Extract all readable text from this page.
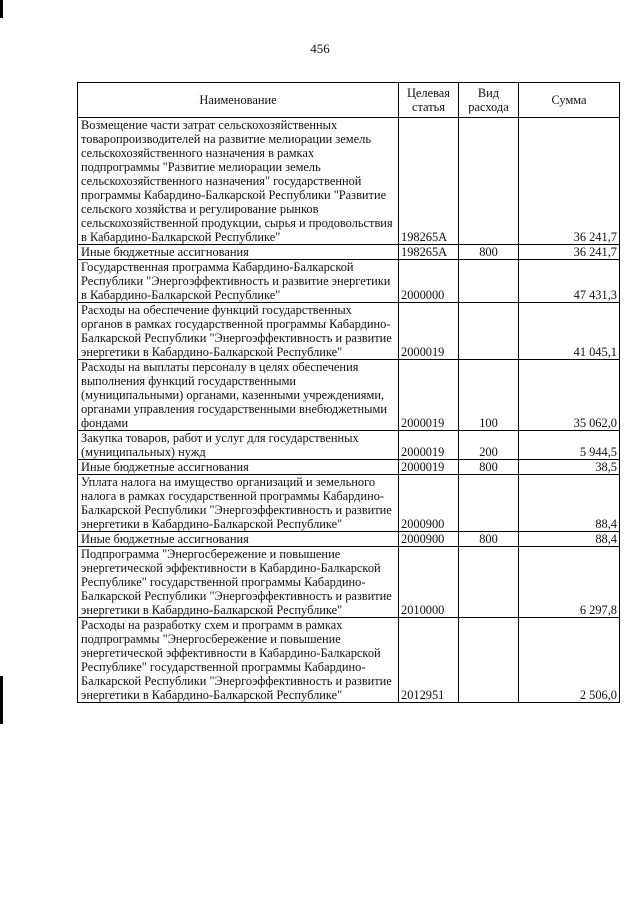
456
Наименование	Целевая статья	Вид расхода	Сумма
Возмещение части затрат сельскохозяйственных товаропроизводителей на развитие мелиорации земель сельскохозяйственного назначения в рамках подпрограммы "Развитие мелиорации земель сельскохозяйственного назначения" государственной программы Кабардино-Балкарской Республики "Развитие сельского хозяйства и регулирование рынков сельскохозяйственной продукции, сырья и продовольствия в Кабардино-Балкарской Республике"	198265А		36 241,7
Иные бюджетные ассигнования	198265А	800	36 241,7
Государственная программа Кабардино-Балкарской Республики "Энергоэффективность и развитие энергетики в Кабардино-Балкарской Республике"	2000000		47 431,3
Расходы на обеспечение функций государственных органов в рамках государственной программы Кабардино-Балкарской Республики "Энергоэффективность и развитие энергетики в Кабардино-Балкарской Республике"	2000019		41 045,1
Расходы на выплаты персоналу в целях обеспечения выполнения функций государственными (муниципальными) органами, казенными учреждениями, органами управления государственными внебюджетными фондами	2000019	100	35 062,0
Закупка товаров, работ и услуг для государственных (муниципальных) нужд	2000019	200	5 944,5
Иные бюджетные ассигнования	2000019	800	38,5
Уплата налога на имущество организаций и земельного налога в рамках государственной программы Кабардино-Балкарской Республики "Энергоэффективность и развитие энергетики в Кабардино-Балкарской Республике"	2000900		88,4
Иные бюджетные ассигнования	2000900	800	88,4
Подпрограмма "Энергосбережение и повышение энергетической эффективности в Кабардино-Балкарской Республике" государственной программы Кабардино-Балкарской Республики "Энергоэффективность и развитие энергетики в Кабардино-Балкарской Республике"	2010000		6 297,8
Расходы на разработку схем и программ в рамках подпрограммы "Энергосбережение и повышение энергетической эффективности в Кабардино-Балкарской Республике" государственной программы Кабардино-Балкарской Республики "Энергоэффективность и развитие энергетики в Кабардино-Балкарской Республике"	2012951		2 506,0
